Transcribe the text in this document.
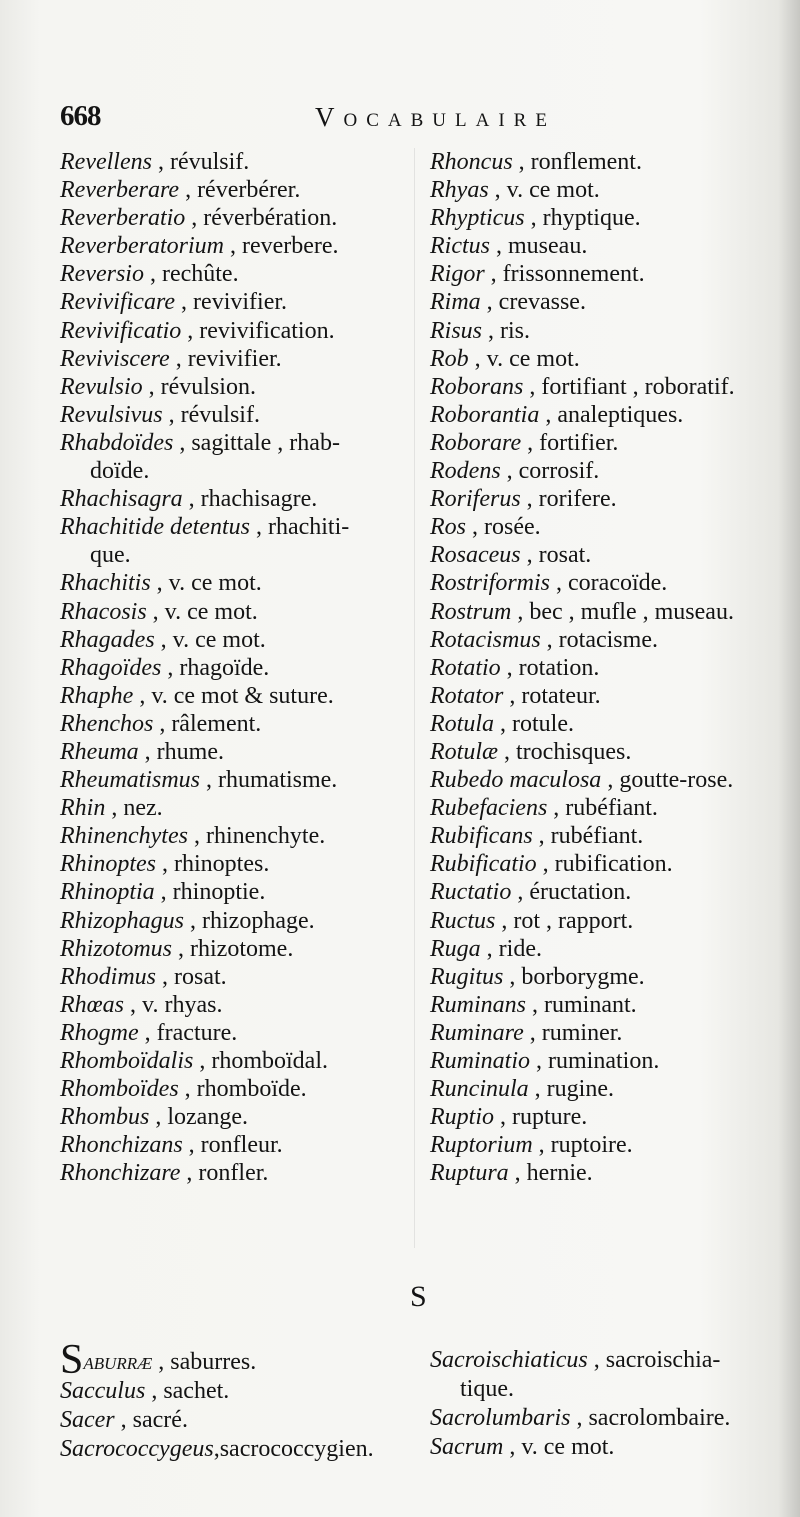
668	Vocabulaire
Revellens , révulsif.
Reverberare , réverbérer.
Reverberatio , réverbération.
Reverberatorium , reverbere.
Reversio , rechûte.
Revivificare , revivifier.
Revivificatio , revivification.
Reviviscere , revivifier.
Revulsio , révulsion.
Revulsivus , révulsif.
Rhabdoïdes , sagittale , rhab-
doïde.
Rhachisagra , rhachisagre.
Rhachitide detentus , rhachiti-
que.
Rhachitis , v. ce mot.
Rhacosis , v. ce mot.
Rhagades , v. ce mot.
Rhagoïdes , rhagoïde.
Rhaphe , v. ce mot & suture.
Rhenchos , râlement.
Rheuma , rhume.
Rheumatismus , rhumatisme.
Rhin , nez.
Rhinenchytes , rhinenchyte.
Rhinoptes , rhinoptes.
Rhinoptia , rhinoptie.
Rhizophagus , rhizophage.
Rhizotomus , rhizotome.
Rhodimus , rosat.
Rhœas , v. rhyas.
Rhogme , fracture.
Rhomboïdalis , rhomboïdal.
Rhomboïdes , rhomboïde.
Rhombus , lozange.
Rhonchizans , ronfleur.
Rhonchizare , ronfler.
Rhoncus , ronflement.
Rhyas , v. ce mot.
Rhypticus , rhyptique.
Rictus , museau.
Rigor , frissonnement.
Rima , crevasse.
Risus , ris.
Rob , v. ce mot.
Roborans , fortifiant , roboratif.
Roborantia , analeptiques.
Roborare , fortifier.
Rodens , corrosif.
Roriferus , rorifere.
Ros , rosée.
Rosaceus , rosat.
Rostriformis , coracoïde.
Rostrum , bec , mufle , museau.
Rotacismus , rotacisme.
Rotatio , rotation.
Rotator , rotateur.
Rotula , rotule.
Rotulæ , trochisques.
Rubedo maculosa , goutte-rose.
Rubefaciens , rubéfiant.
Rubificans , rubéfiant.
Rubificatio , rubification.
Ructatio , éructation.
Ructus , rot , rapport.
Ruga , ride.
Rugitus , borborygme.
Ruminans , ruminant.
Ruminare , ruminer.
Ruminatio , rumination.
Runcinula , rugine.
Ruptio , rupture.
Ruptorium , ruptoire.
Ruptura , hernie.
S
Saburræ , saburres.
Sacculus , sachet.
Sacer , sacré.
Sacrococcygeus,sacrococcygien.
Sacroischiaticus , sacroischia-
tique.
Sacrolumbaris , sacrolombaire.
Sacrum , v. ce mot.
